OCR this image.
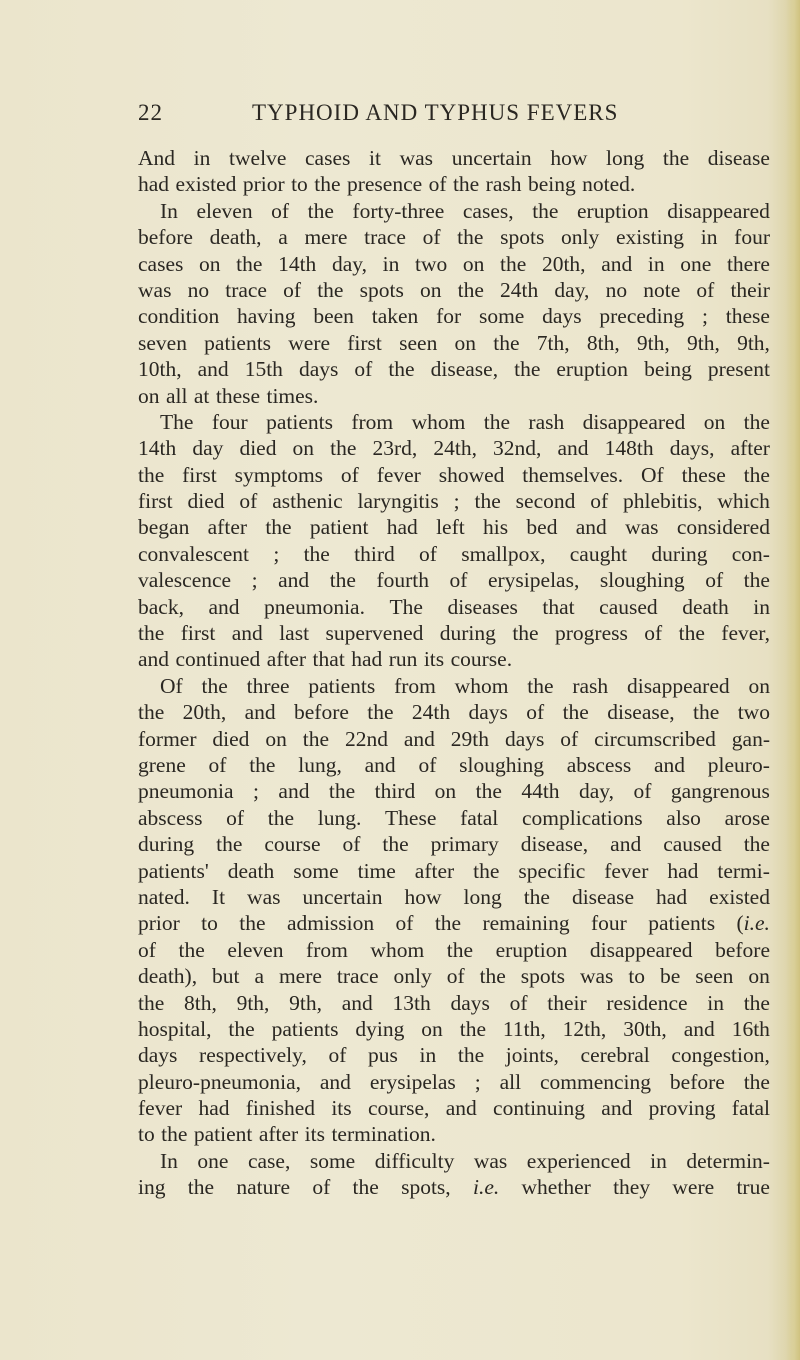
22	TYPHOID AND TYPHUS FEVERS
And in twelve cases it was uncertain how long the disease
had existed prior to the presence of the rash being noted.
In eleven of the forty-three cases, the eruption disappeared
before death, a mere trace of the spots only existing in four
cases on the 14th day, in two on the 20th, and in one there
was no trace of the spots on the 24th day, no note of their
condition having been taken for some days preceding ; these
seven patients were first seen on the 7th, 8th, 9th, 9th, 9th,
10th, and 15th days of the disease, the eruption being present
on all at these times.
The four patients from whom the rash disappeared on the
14th day died on the 23rd, 24th, 32nd, and 148th days, after
the first symptoms of fever showed themselves. Of these the
first died of asthenic laryngitis ; the second of phlebitis, which
began after the patient had left his bed and was considered
convalescent ; the third of smallpox, caught during con-
valescence ; and the fourth of erysipelas, sloughing of the
back, and pneumonia. The diseases that caused death in
the first and last supervened during the progress of the fever,
and continued after that had run its course.
Of the three patients from whom the rash disappeared on
the 20th, and before the 24th days of the disease, the two
former died on the 22nd and 29th days of circumscribed gan-
grene of the lung, and of sloughing abscess and pleuro-
pneumonia ; and the third on the 44th day, of gangrenous
abscess of the lung. These fatal complications also arose
during the course of the primary disease, and caused the
patients' death some time after the specific fever had termi-
nated. It was uncertain how long the disease had existed
prior to the admission of the remaining four patients (i.e.
of the eleven from whom the eruption disappeared before
death), but a mere trace only of the spots was to be seen on
the 8th, 9th, 9th, and 13th days of their residence in the
hospital, the patients dying on the 11th, 12th, 30th, and 16th
days respectively, of pus in the joints, cerebral congestion,
pleuro-pneumonia, and erysipelas ; all commencing before the
fever had finished its course, and continuing and proving fatal
to the patient after its termination.
In one case, some difficulty was experienced in determin-
ing the nature of the spots, i.e. whether they were true
